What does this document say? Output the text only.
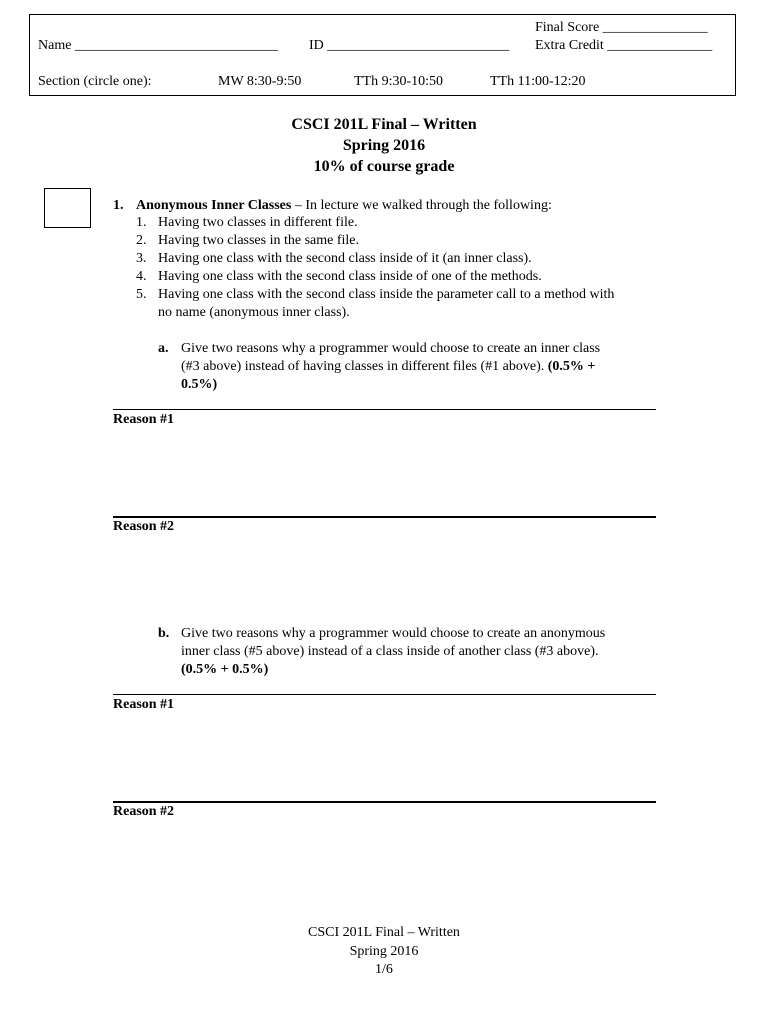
Final Score _______________
Name _____________________________ ID __________________________ Extra Credit _______________
Section (circle one):	MW 8:30-9:50	TTh 9:30-10:50	TTh 11:00-12:20
CSCI 201L Final – Written
Spring 2016
10% of course grade
1. Anonymous Inner Classes – In lecture we walked through the following:
1. Having two classes in different file.
2. Having two classes in the same file.
3. Having one class with the second class inside of it (an inner class).
4. Having one class with the second class inside of one of the methods.
5. Having one class with the second class inside the parameter call to a method with
no name (anonymous inner class).
a. Give two reasons why a programmer would choose to create an inner class
(#3 above) instead of having classes in different files (#1 above). (0.5% +
0.5%)
Reason #1
Reason #2
b. Give two reasons why a programmer would choose to create an anonymous
inner class (#5 above) instead of a class inside of another class (#3 above).
(0.5% + 0.5%)
Reason #1
Reason #2
CSCI 201L Final – Written
Spring 2016
1/6
